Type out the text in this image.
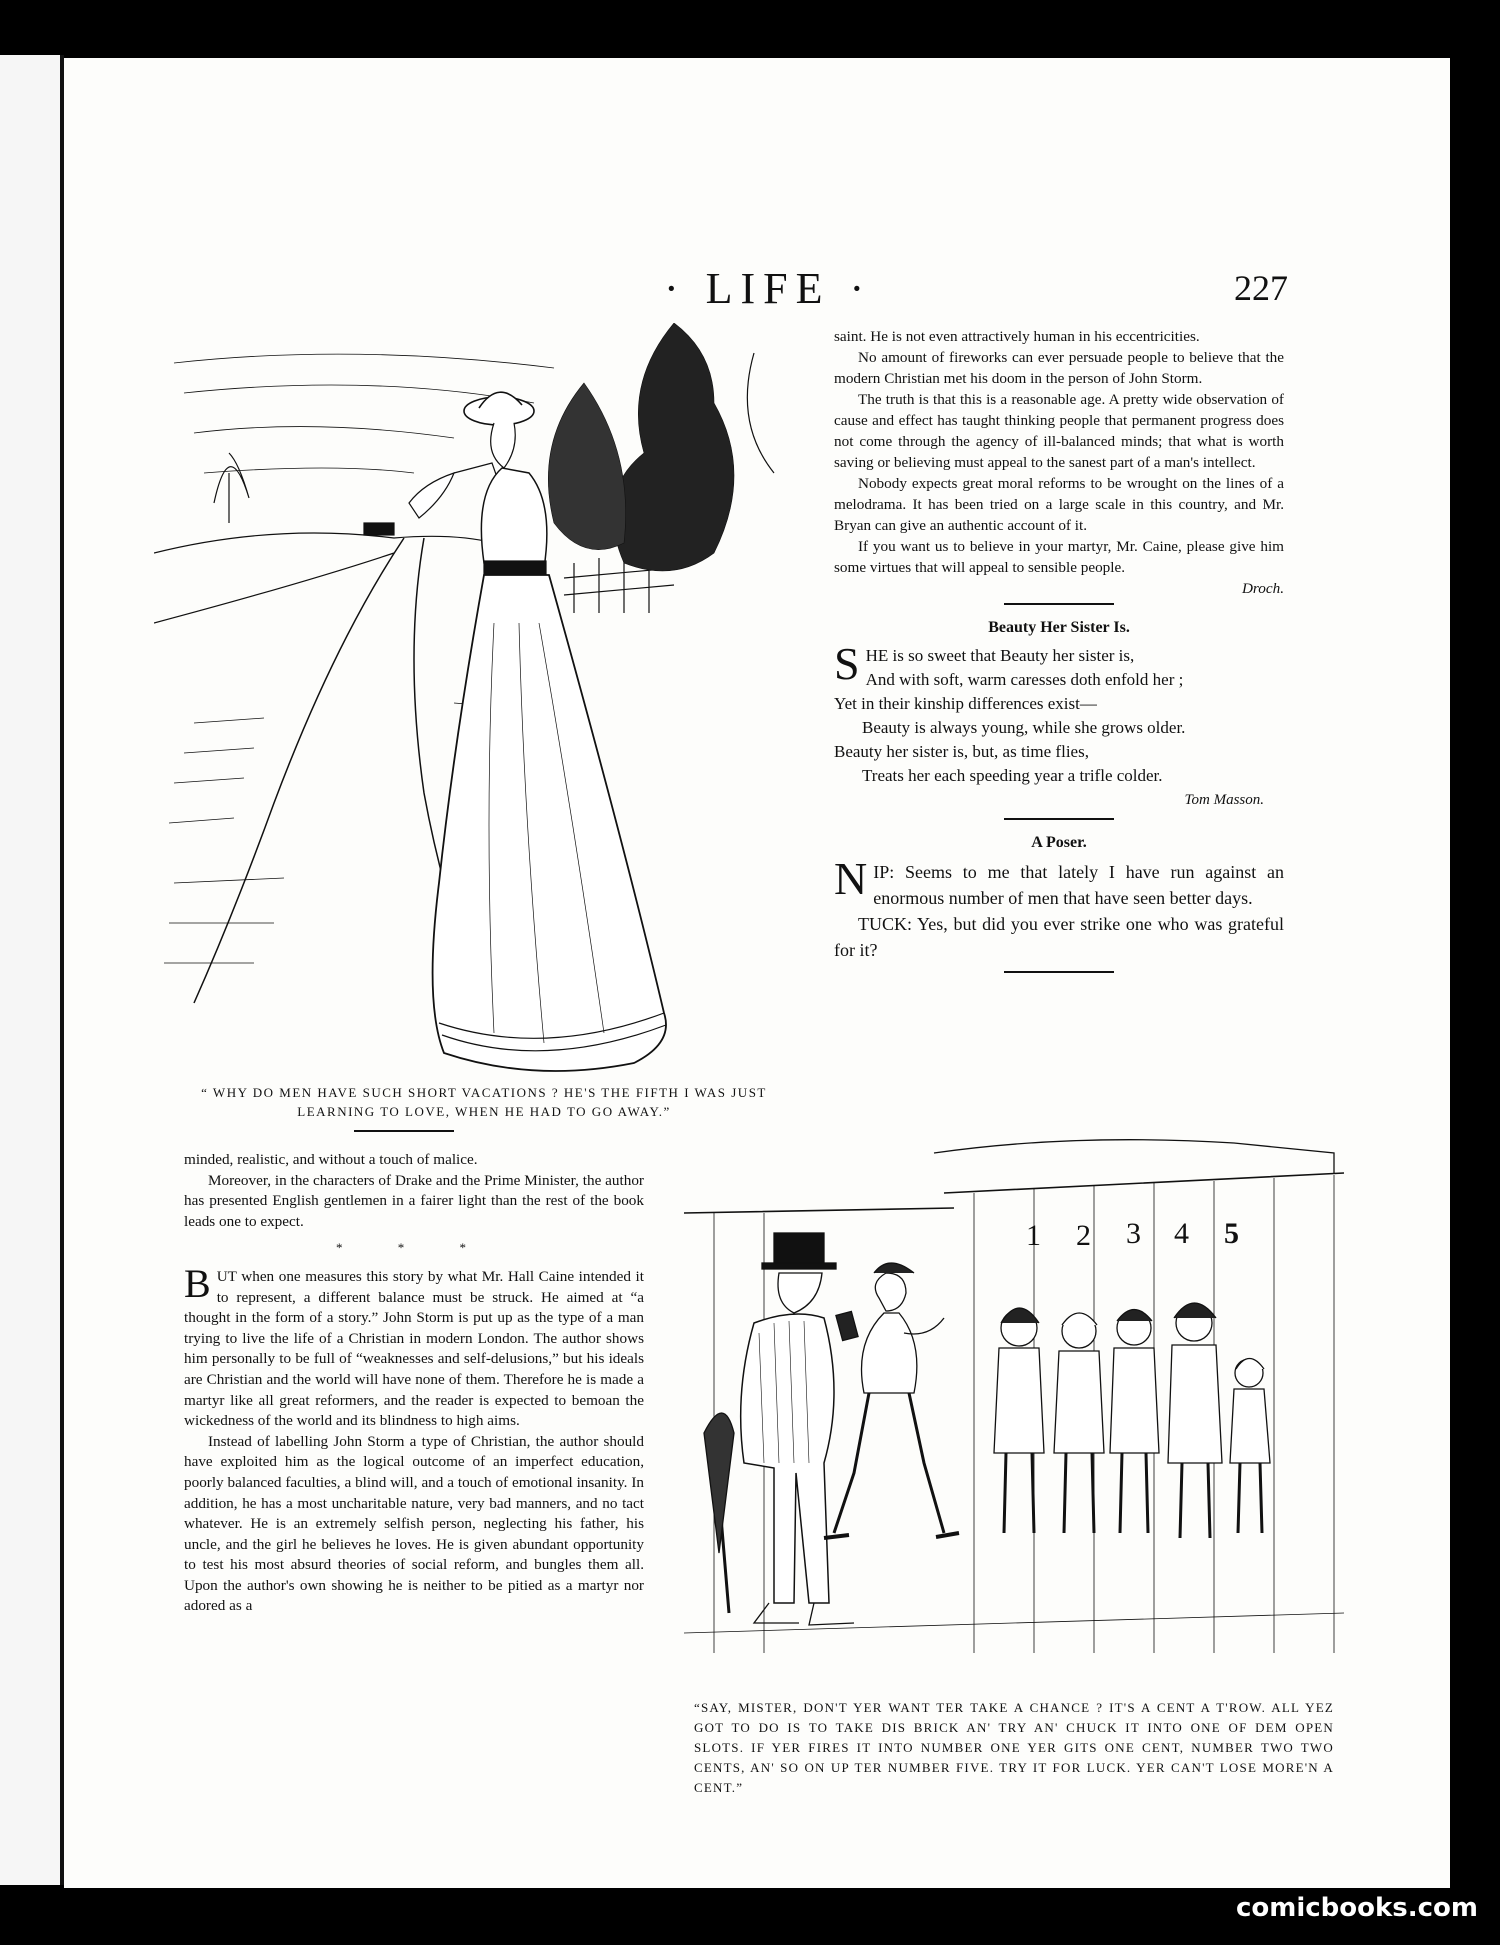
· LIFE ·	227
“ WHY DO MEN HAVE SUCH SHORT VACATIONS ? HE'S THE FIFTH I WAS JUST LEARNING TO LOVE, WHEN HE HAD TO GO AWAY.”

saint. He is not even attractively human in his eccentricities.

No amount of fireworks can ever persuade people to believe that the modern Christian met his doom in the person of John Storm.

The truth is that this is a reasonable age. A pretty wide observation of cause and effect has taught thinking people that permanent progress does not come through the agency of ill-balanced minds; that what is worth saving or believing must appeal to the sanest part of a man's intellect.

Nobody expects great moral reforms to be wrought on the lines of a melodrama. It has been tried on a large scale in this country, and Mr. Bryan can give an authentic account of it.

If you want us to believe in your martyr, Mr. Caine, please give him some virtues that will appeal to sensible people.

Droch.
Beauty Her Sister Is.
S HE is so sweet that Beauty her sister is,
And with soft, warm caresses doth enfold her ;
Yet in their kinship differences exist—
Beauty is always young, while she grows older.
Beauty her sister is, but, as time flies,
Treats her each speeding year a trifle colder.
Tom Masson.
A Poser.
N IP: Seems to me that lately I have run against an enormous number of men that have seen better days.
TUCK: Yes, but did you ever strike one who was grateful for it?

minded, realistic, and without a touch of malice.

Moreover, in the characters of Drake and the Prime Minister, the author has presented English gentlemen in a fairer light than the rest of the book leads one to expect.

* * *

BUT when one measures this story by what Mr. Hall Caine intended it to represent, a different balance must be struck. He aimed at “a thought in the form of a story.” John Storm is put up as the type of a man trying to live the life of a Christian in modern London. The author shows him personally to be full of “weaknesses and self-delusions,” but his ideals are Christian and the world will have none of them. Therefore he is made a martyr like all great reformers, and the reader is expected to bemoan the wickedness of the world and its blindness to high aims.

Instead of labelling John Storm a type of Christian, the author should have exploited him as the logical outcome of an imperfect education, poorly balanced faculties, a blind will, and a touch of emotional insanity. In addition, he has a most uncharitable nature, very bad manners, and no tact whatever. He is an extremely selfish person, neglecting his father, his uncle, and the girl he believes he loves. He is given abundant opportunity to test his most absurd theories of social reform, and bungles them all. Upon the author's own showing he is neither to be pitied as a martyr nor adored as a

1 2 3 4 5
“SAY, MISTER, DON'T YER WANT TER TAKE A CHANCE ? IT'S A CENT A T'ROW. ALL YEZ GOT TO DO IS TO TAKE DIS BRICK AN' TRY AN' CHUCK IT INTO ONE OF DEM OPEN SLOTS. IF YER FIRES IT INTO NUMBER ONE YER GITS ONE CENT, NUMBER TWO TWO CENTS, AN' SO ON UP TER NUMBER FIVE. TRY IT FOR LUCK. YER CAN'T LOSE MORE'N A CENT.”
comicbooks.com
